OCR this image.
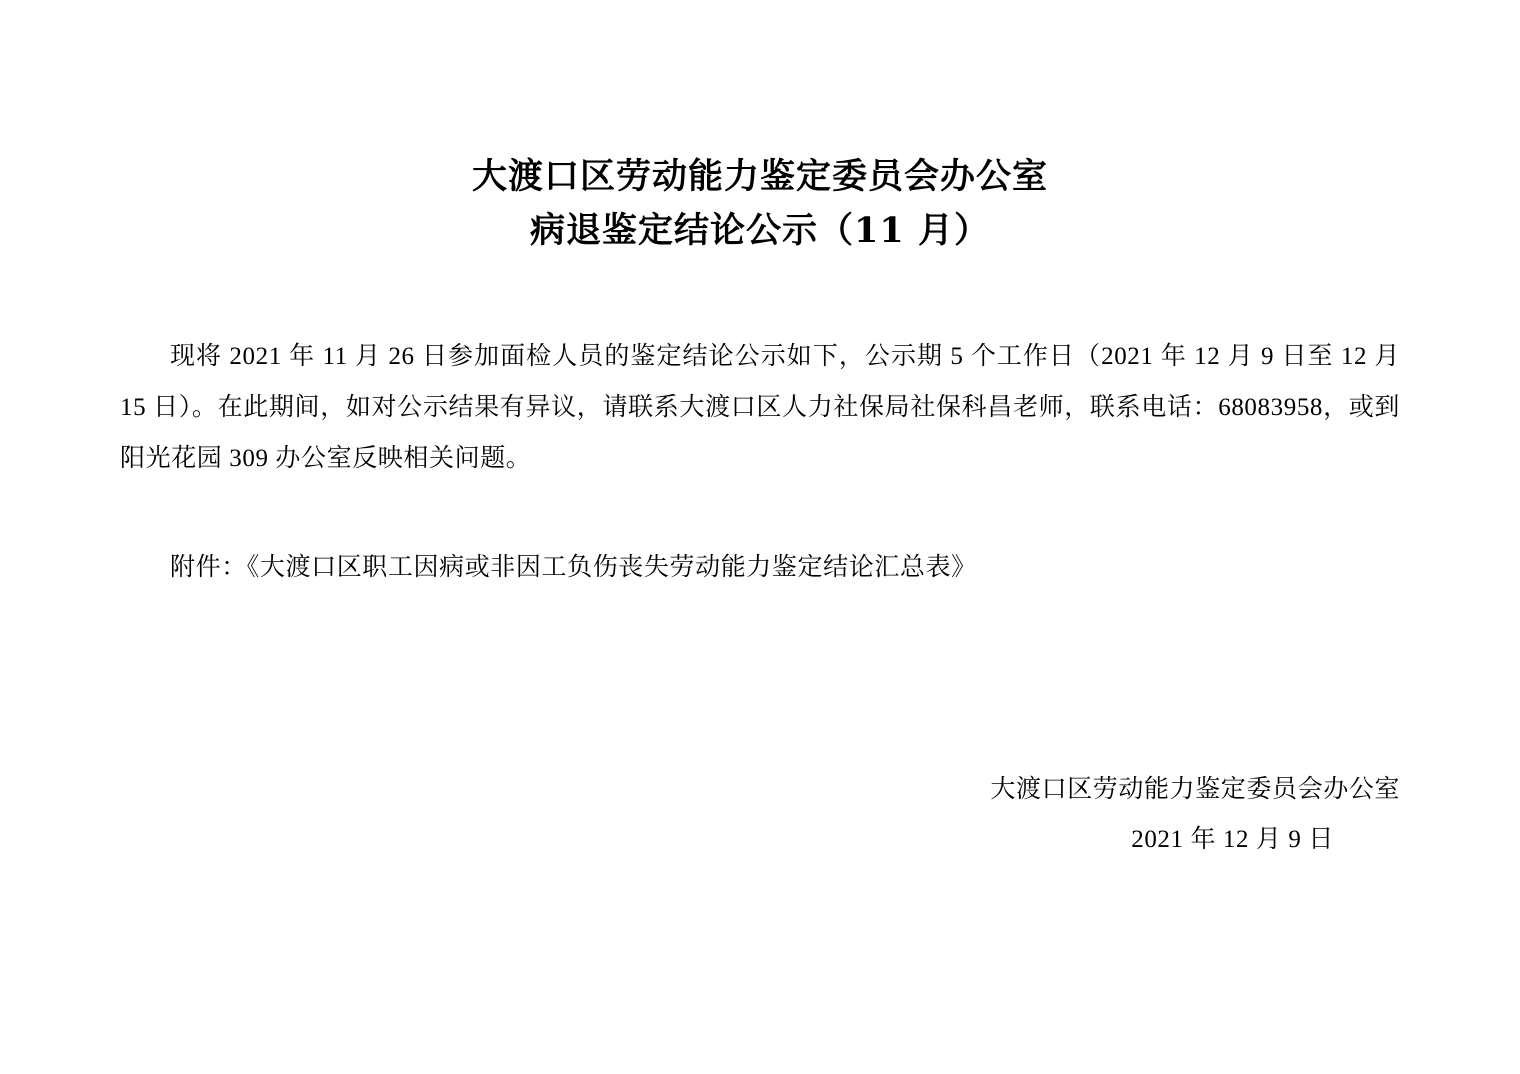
大渡口区劳动能力鉴定委员会办公室
病退鉴定结论公示（11 月）

现将 2021 年 11 月 26 日参加面检人员的鉴定结论公示如下，公示期 5 个工作日（2021 年 12 月 9 日至 12 月 15 日）。在此期间，如对公示结果有异议，请联系大渡口区人力社保局社保科昌老师，联系电话：68083958，或到阳光花园 309 办公室反映相关问题。

附件：《大渡口区职工因病或非因工负伤丧失劳动能力鉴定结论汇总表》

大渡口区劳动能力鉴定委员会办公室
2021 年 12 月 9 日
